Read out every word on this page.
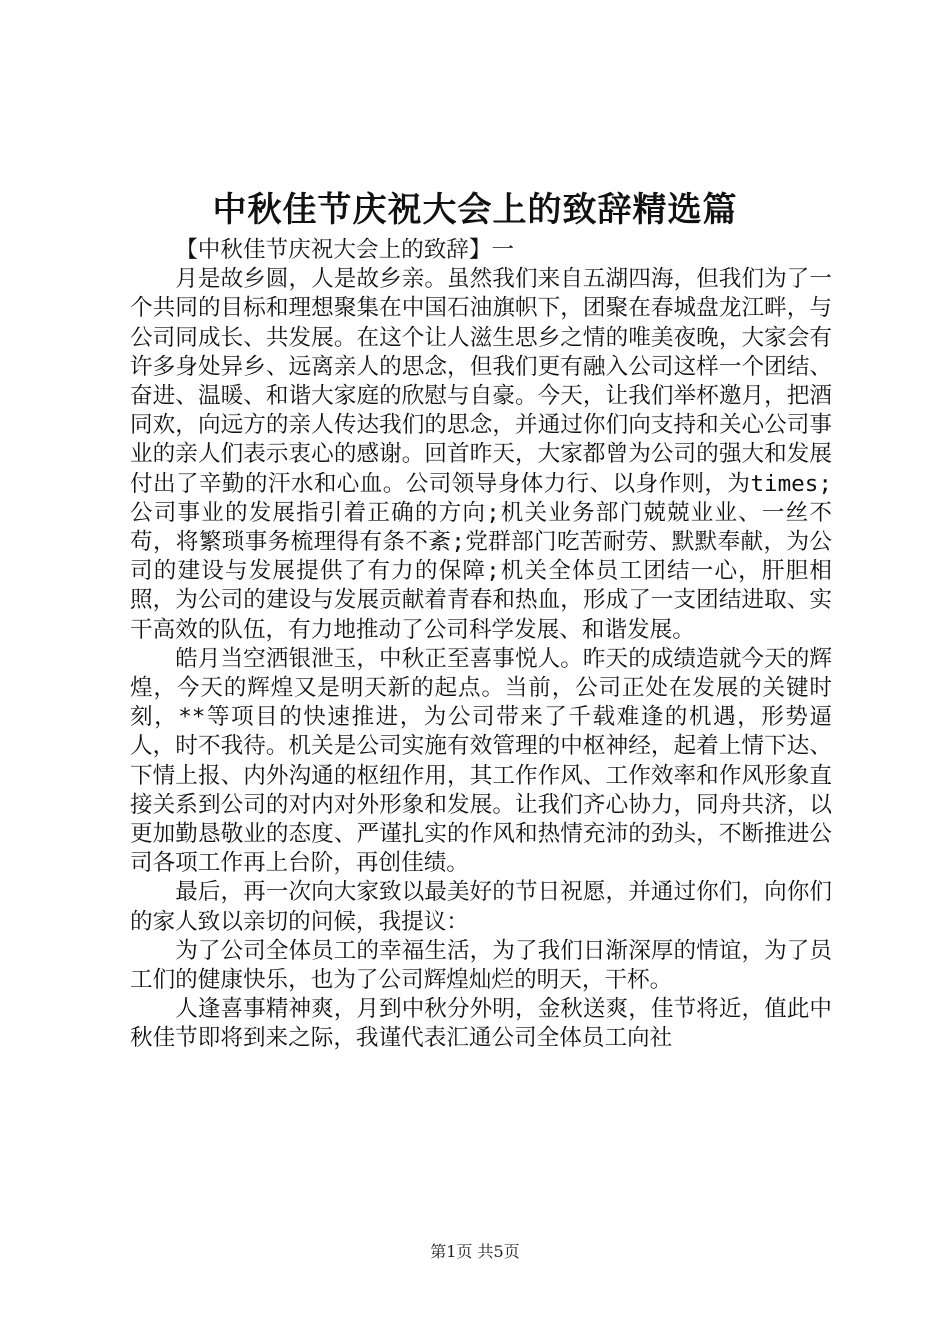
中秋佳节庆祝大会上的致辞精选篇

【中秋佳节庆祝大会上的致辞】一

月是故乡圆，人是故乡亲。虽然我们来自五湖四海，但我们为了一个共同的目标和理想聚集在中国石油旗帜下，团聚在春城盘龙江畔，与公司同成长、共发展。在这个让人滋生思乡之情的唯美夜晚，大家会有许多身处异乡、远离亲人的思念，但我们更有融入公司这样一个团结、奋进、温暖、和谐大家庭的欣慰与自豪。今天，让我们举杯邀月，把酒同欢，向远方的亲人传达我们的思念，并通过你们向支持和关心公司事业的亲人们表示衷心的感谢。回首昨天，大家都曾为公司的强大和发展付出了辛勤的汗水和心血。公司领导身体力行、以身作则，为times;公司事业的发展指引着正确的方向;机关业务部门兢兢业业、一丝不苟，将繁琐事务梳理得有条不紊;党群部门吃苦耐劳、默默奉献，为公司的建设与发展提供了有力的保障;机关全体员工团结一心，肝胆相照，为公司的建设与发展贡献着青春和热血，形成了一支团结进取、实干高效的队伍，有力地推动了公司科学发展、和谐发展。

皓月当空洒银泄玉，中秋正至喜事悦人。昨天的成绩造就今天的辉煌，今天的辉煌又是明天新的起点。当前，公司正处在发展的关键时刻，**等项目的快速推进，为公司带来了千载难逢的机遇，形势逼人，时不我待。机关是公司实施有效管理的中枢神经，起着上情下达、下情上报、内外沟通的枢纽作用，其工作作风、工作效率和作风形象直接关系到公司的对内对外形象和发展。让我们齐心协力，同舟共济，以更加勤恳敬业的态度、严谨扎实的作风和热情充沛的劲头，不断推进公司各项工作再上台阶，再创佳绩。

最后，再一次向大家致以最美好的节日祝愿，并通过你们，向你们的家人致以亲切的问候，我提议：

为了公司全体员工的幸福生活，为了我们日渐深厚的情谊，为了员工们的健康快乐，也为了公司辉煌灿烂的明天，干杯。

人逢喜事精神爽，月到中秋分外明，金秋送爽，佳节将近，值此中秋佳节即将到来之际，我谨代表汇通公司全体员工向社

第1页 共5页
